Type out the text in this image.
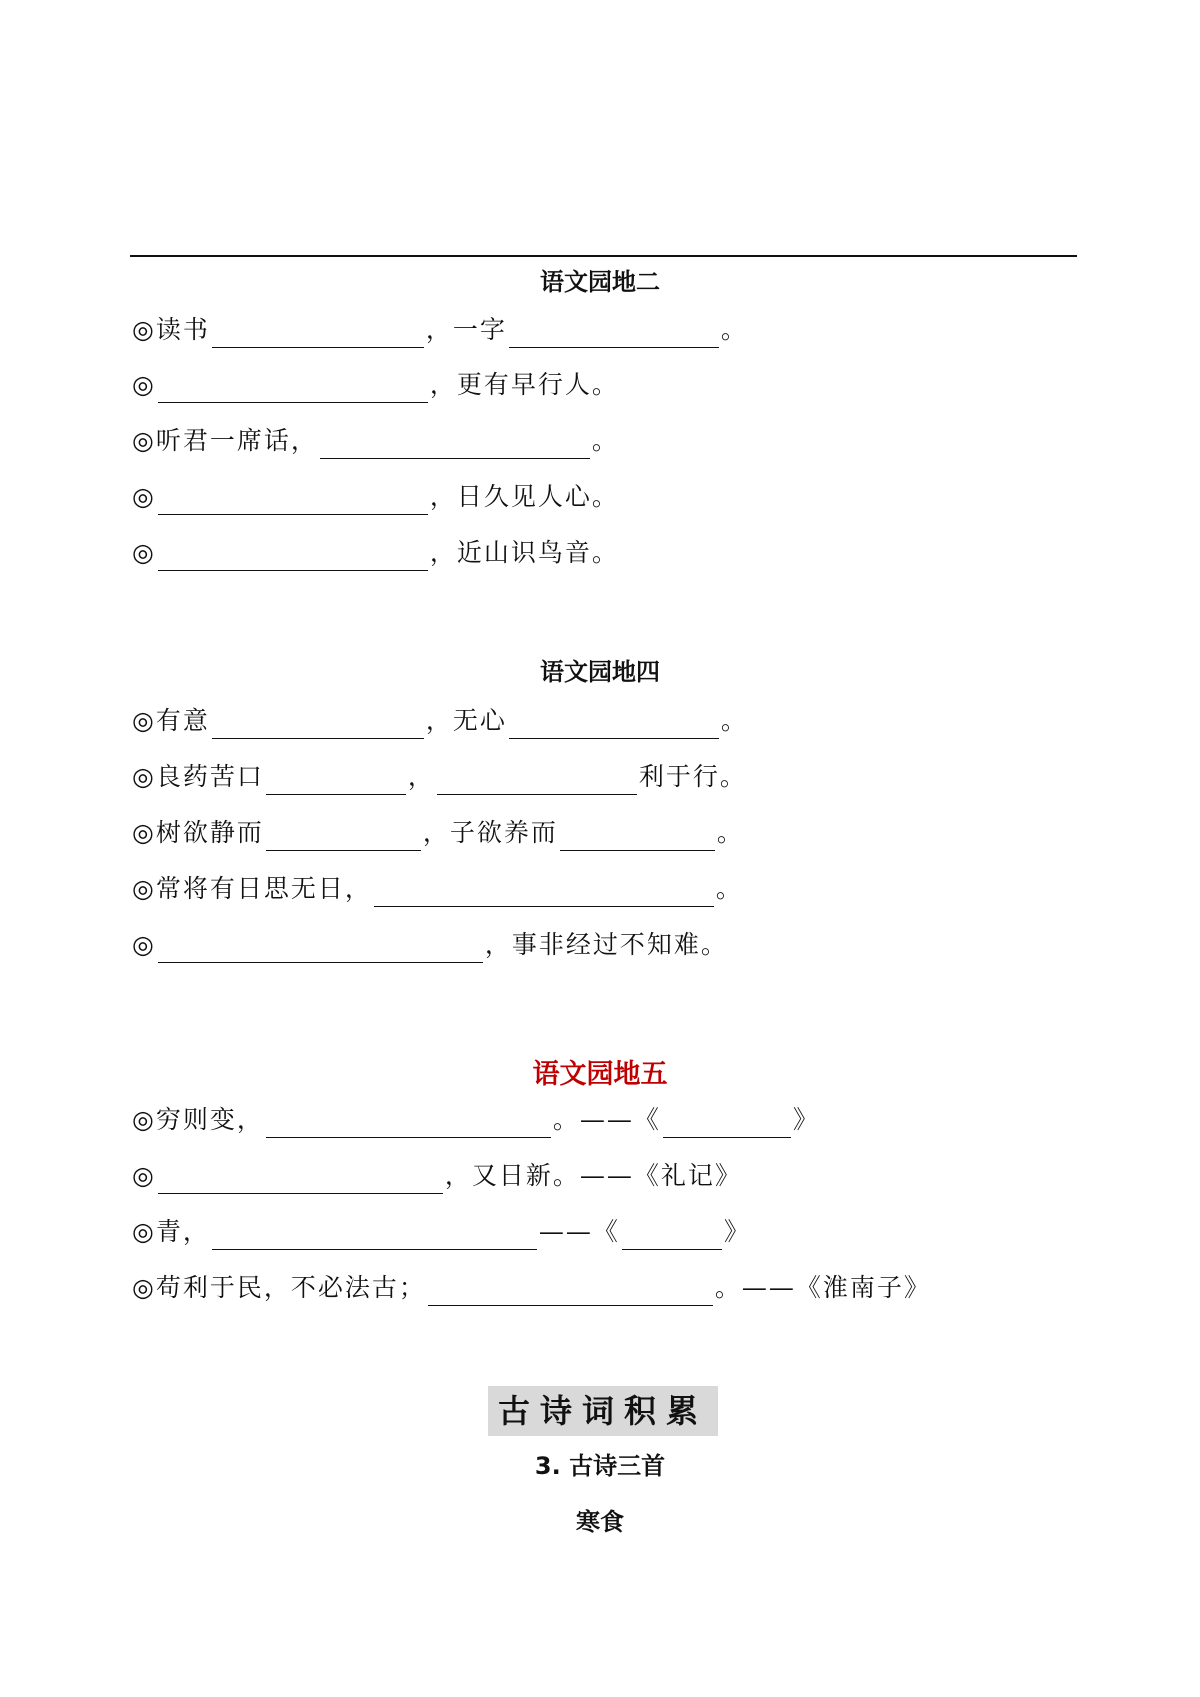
语文园地二
◎读书	，一字	。
◎	，更有早行人。
◎听君一席话，	。
◎	，日久见人心。
◎	，近山识鸟音。
语文园地四
◎有意	，无心	。
◎良药苦口	，	利于行。
◎树欲静而	，子欲养而	。
◎常将有日思无日，	。
◎	，事非经过不知难。
语文园地五
◎穷则变，	。——《	》
◎	，又日新。——《礼记》
◎青，	——《	》
◎苟利于民，不必法古；	。——《淮南子》
古诗词积累
3. 古诗三首
寒食
